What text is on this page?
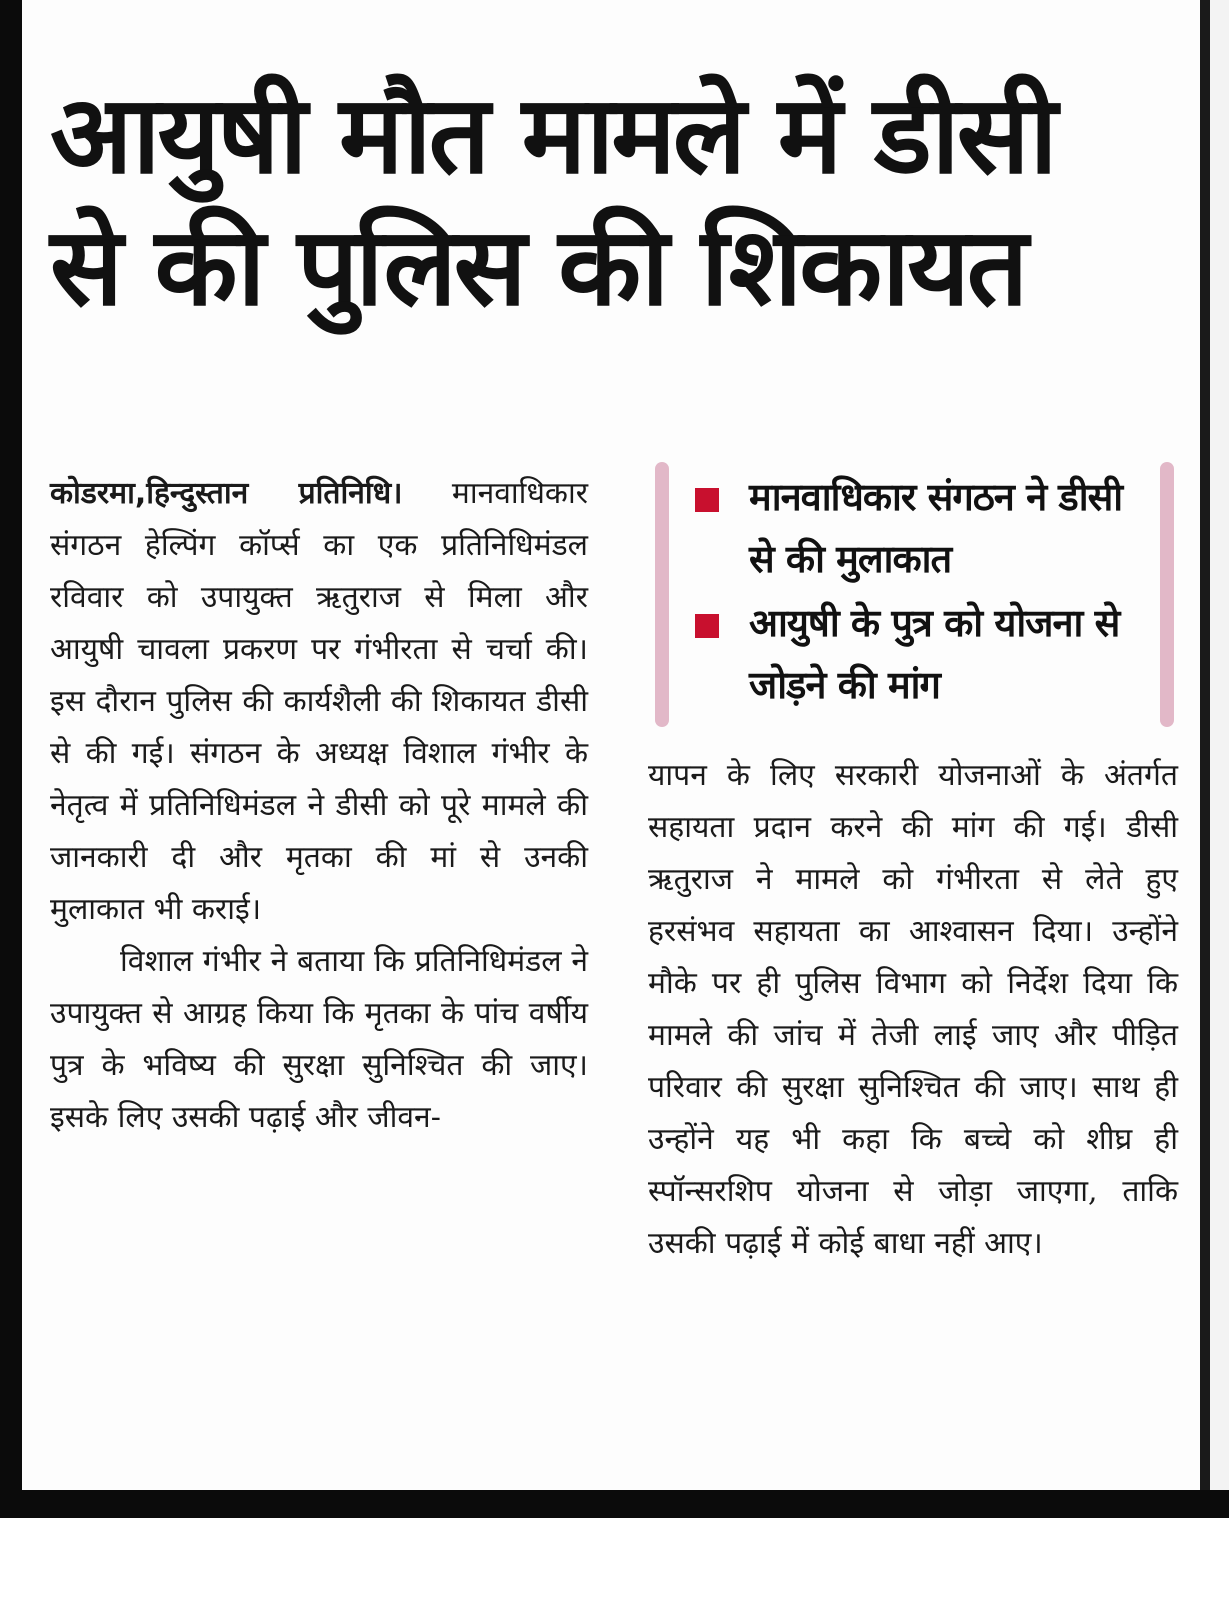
आयुषी मौत मामले में डीसी
से की पुलिस की शिकायत

कोडरमा,हिन्दुस्तान प्रतिनिधि। मानवाधिकार संगठन हेल्पिंग कॉर्प्स का एक प्रतिनिधिमंडल रविवार को उपायुक्त ऋतुराज से मिला और आयुषी चावला प्रकरण पर गंभीरता से चर्चा की। इस दौरान पुलिस की कार्यशैली की शिकायत डीसी से की गई। संगठन के अध्यक्ष विशाल गंभीर के नेतृत्व में प्रतिनिधिमंडल ने डीसी को पूरे मामले की जानकारी दी और मृतका की मां से उनकी मुलाकात भी कराई।

विशाल गंभीर ने बताया कि प्रतिनिधिमंडल ने उपायुक्त से आग्रह किया कि मृतका के पांच वर्षीय पुत्र के भविष्य की सुरक्षा सुनिश्चित की जाए। इसके लिए उसकी पढ़ाई और जीवन-

मानवाधिकार संगठन ने डीसी से की मुलाकात
आयुषी के पुत्र को योजना से जोड़ने की मांग

यापन के लिए सरकारी योजनाओं के अंतर्गत सहायता प्रदान करने की मांग की गई। डीसी ऋतुराज ने मामले को गंभीरता से लेते हुए हरसंभव सहायता का आश्वासन दिया। उन्होंने मौके पर ही पुलिस विभाग को निर्देश दिया कि मामले की जांच में तेजी लाई जाए और पीड़ित परिवार की सुरक्षा सुनिश्चित की जाए। साथ ही उन्होंने यह भी कहा कि बच्चे को शीघ्र ही स्पॉन्सरशिप योजना से जोड़ा जाएगा, ताकि उसकी पढ़ाई में कोई बाधा नहीं आए।
